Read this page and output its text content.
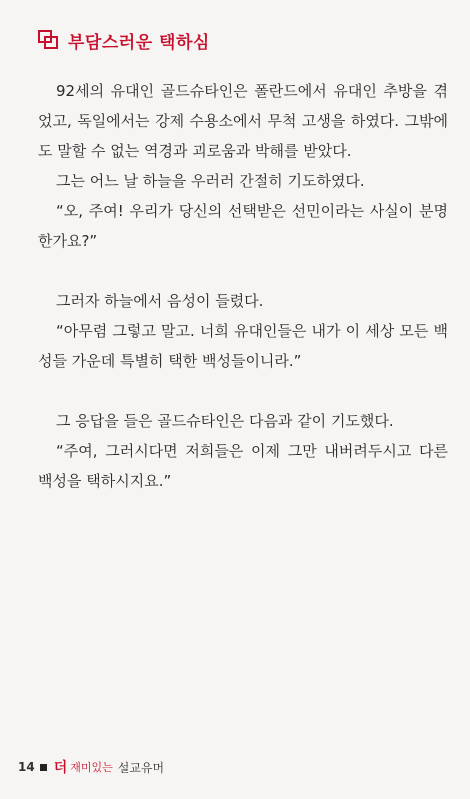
부담스러운 택하심

92세의 유대인 골드슈타인은 폴란드에서 유대인 추방을 겪었고, 독일에서는 강제 수용소에서 무척 고생을 하였다. 그밖에도 말할 수 없는 역경과 괴로움과 박해를 받았다.

그는 어느 날 하늘을 우러러 간절히 기도하였다.

“오, 주여! 우리가 당신의 선택받은 선민이라는 사실이 분명한가요?”

그러자 하늘에서 음성이 들렸다.

“아무렴 그렇고 말고. 너희 유대인들은 내가 이 세상 모든 백성들 가운데 특별히 택한 백성들이니라.”

그 응답을 들은 골드슈타인은 다음과 같이 기도했다.

“주여, 그러시다면 저희들은 이제 그만 내버려두시고 다른 백성을 택하시지요.”

14 더 재미있는 설교유머
